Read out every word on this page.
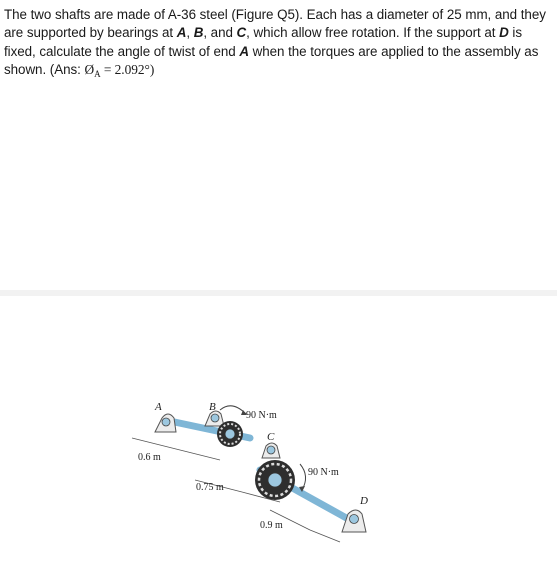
The two shafts are made of A-36 steel (Figure Q5). Each has a diameter of 25 mm, and they are supported by bearings at A, B, and C, which allow free rotation. If the support at D is fixed, calculate the angle of twist of end A when the torques are applied to the assembly as shown. (Ans: $Ø_A = 2.092^\circ$)
A	B
C
D
90 N·m
90 N·m
0.6 m
0.75 m
0.9 m
